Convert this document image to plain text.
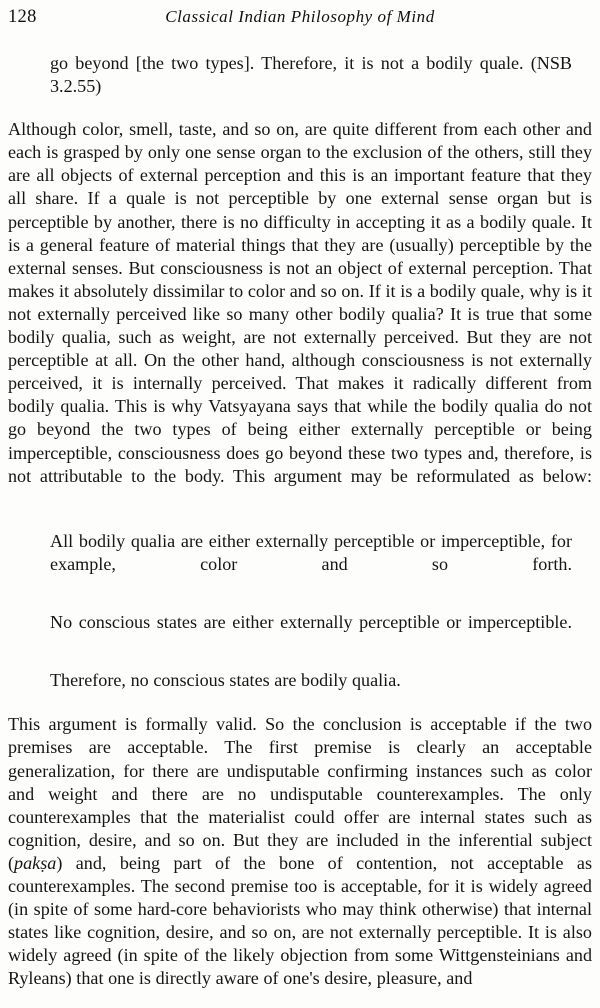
128	Classical Indian Philosophy of Mind

go beyond [the two types]. Therefore, it is not a bodily quale. (NSB 3.2.55)

Although color, smell, taste, and so on, are quite different from each other and each is grasped by only one sense organ to the exclusion of the others, still they are all objects of external perception and this is an important feature that they all share. If a quale is not perceptible by one external sense organ but is perceptible by another, there is no difficulty in accepting it as a bodily quale. It is a general feature of material things that they are (usually) perceptible by the external senses. But consciousness is not an object of external perception. That makes it absolutely dissimilar to color and so on. If it is a bodily quale, why is it not externally perceived like so many other bodily qualia? It is true that some bodily qualia, such as weight, are not externally perceived. But they are not perceptible at all. On the other hand, although consciousness is not externally perceived, it is internally perceived. That makes it radically different from bodily qualia. This is why Vatsyayana says that while the bodily qualia do not go beyond the two types of being either externally perceptible or being imperceptible, consciousness does go beyond these two types and, therefore, is not attributable to the body. This argument may be reformulated as below:

All bodily qualia are either externally perceptible or imperceptible, for example, color and so forth.

No conscious states are either externally perceptible or imperceptible.

Therefore, no conscious states are bodily qualia.

This argument is formally valid. So the conclusion is acceptable if the two premises are acceptable. The first premise is clearly an acceptable generalization, for there are undisputable confirming instances such as color and weight and there are no undisputable counterexamples. The only counterexamples that the materialist could offer are internal states such as cognition, desire, and so on. But they are included in the inferential subject (pakṣa) and, being part of the bone of contention, not acceptable as counterexamples. The second premise too is acceptable, for it is widely agreed (in spite of some hard-core behaviorists who may think otherwise) that internal states like cognition, desire, and so on, are not externally perceptible. It is also widely agreed (in spite of the likely objection from some Wittgensteinians and Ryleans) that one is directly aware of one's desire, pleasure, and
